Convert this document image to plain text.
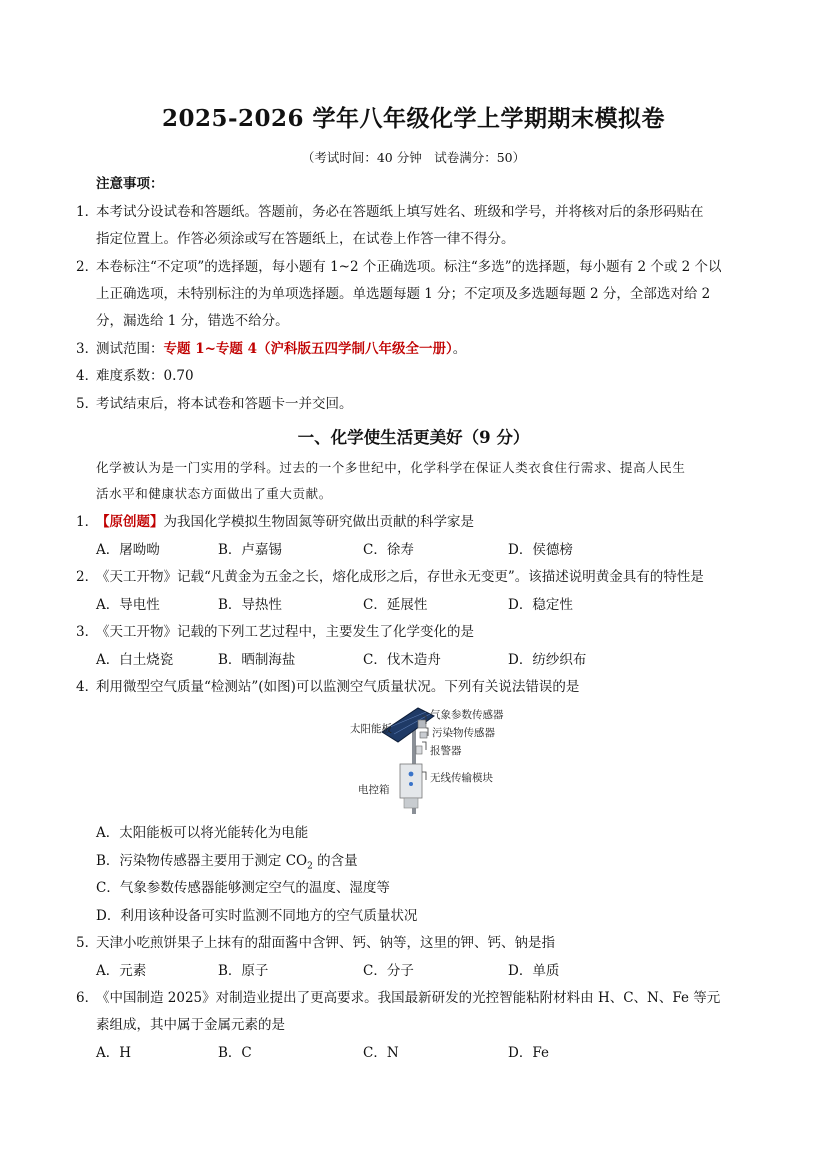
2025-2026 学年八年级化学上学期期末模拟卷
（考试时间：40 分钟　试卷满分：50）
注意事项：
1．
本考试分设试卷和答题纸。答题前，务必在答题纸上填写姓名、班级和学号，并将核对后的条形码贴在
指定位置上。作答必须涂或写在答题纸上，在试卷上作答一律不得分。
2．
本卷标注“不定项”的选择题，每小题有 1~2 个正确选项。标注“多选”的选择题，每小题有 2 个或 2 个以
上正确选项，未特别标注的为单项选择题。单选题每题 1 分；不定项及多选题每题 2 分，全部选对给 2
分，漏选给 1 分，错选不给分。
3．
测试范围：专题 1~专题 4（沪科版五四学制八年级全一册）。
4．
难度系数：0.70
5．
考试结束后，将本试卷和答题卡一并交回。
一、化学使生活更美好（9 分）
化学被认为是一门实用的学科。过去的一个多世纪中，化学科学在保证人类衣食住行需求、提高人民生
活水平和健康状态方面做出了重大贡献。
1．
【原创题】为我国化学模拟生物固氮等研究做出贡献的科学家是
A．屠呦呦	B．卢嘉锡	C．徐寿	D．侯德榜
2．
《天工开物》记载“凡黄金为五金之长，熔化成形之后，存世永无变更”。该描述说明黄金具有的特性是
A．导电性	B．导热性	C．延展性	D．稳定性
3．
《天工开物》记载的下列工艺过程中，主要发生了化学变化的是
A．白土烧瓷	B．晒制海盐	C．伐木造舟	D．纺纱织布
4．
利用微型空气质量“检测站”(如图)可以监测空气质量状况。下列有关说法错误的是
气象参数传感器
太阳能板	污染物传感器
报警器
无线传输模块
电控箱
A．太阳能板可以将光能转化为电能
B．污染物传感器主要用于测定 $CO_2$ 的含量
C．气象参数传感器能够测定空气的温度、湿度等
D．利用该种设备可实时监测不同地方的空气质量状况
5．
天津小吃煎饼果子上抹有的甜面酱中含钾、钙、钠等，这里的钾、钙、钠是指
A．元素	B．原子	C．分子	D．单质
6．
《中国制造 2025》对制造业提出了更高要求。我国最新研发的光控智能粘附材料由 H、C、N、Fe 等元
素组成，其中属于金属元素的是
A．H	B．C	C．N	D．Fe
